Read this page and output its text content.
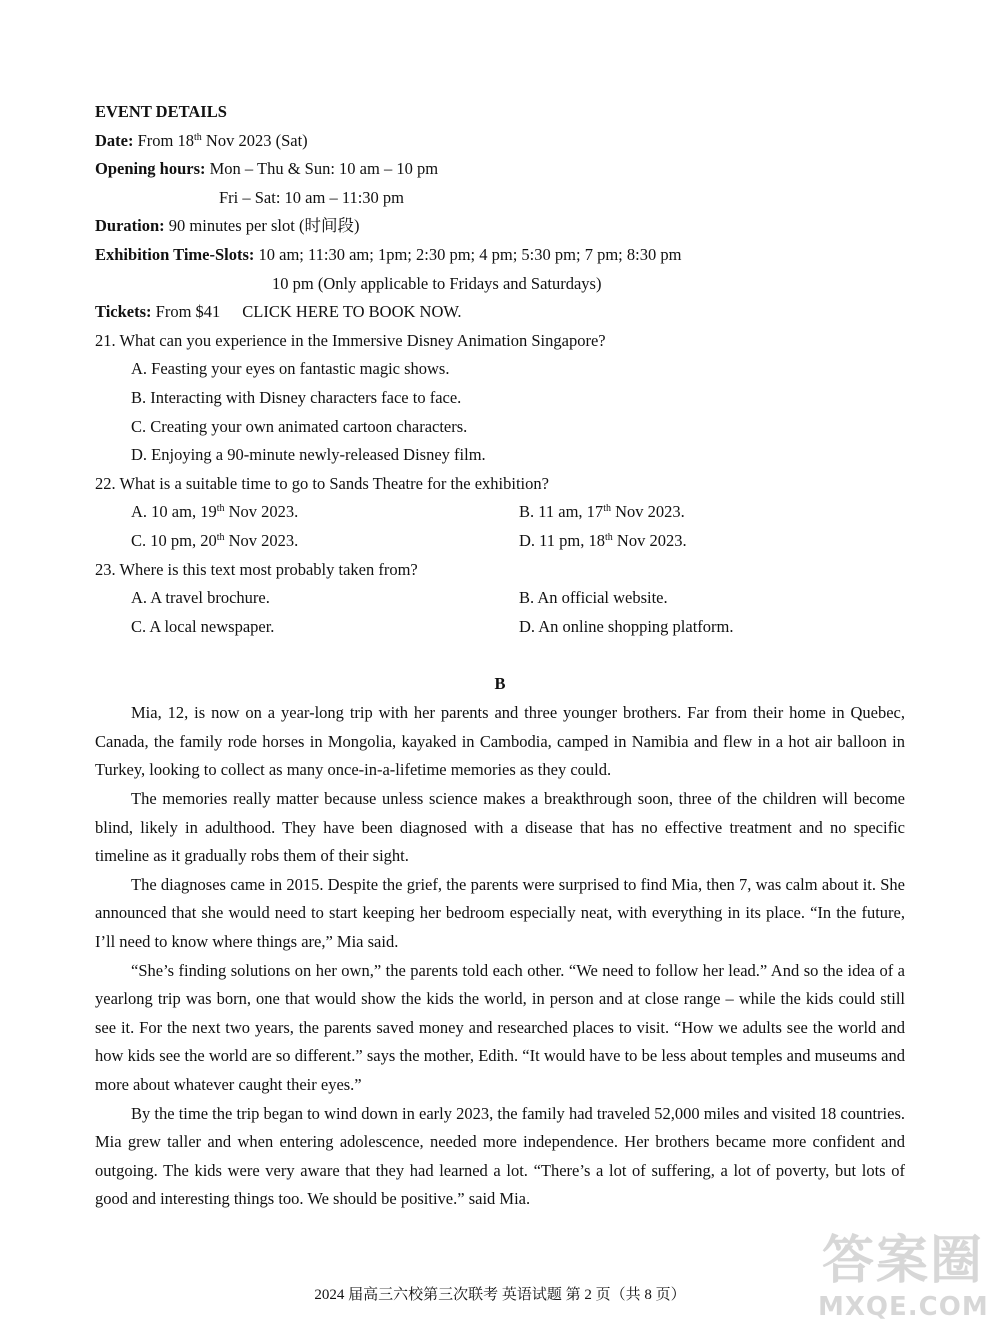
EVENT DETAILS
Date: From 18th Nov 2023 (Sat)
Opening hours: Mon – Thu & Sun: 10 am – 10 pm
Fri – Sat: 10 am – 11:30 pm
Duration: 90 minutes per slot (时间段)
Exhibition Time-Slots: 10 am; 11:30 am; 1pm; 2:30 pm; 4 pm; 5:30 pm; 7 pm; 8:30 pm
10 pm (Only applicable to Fridays and Saturdays)
Tickets: From $41 CLICK HERE TO BOOK NOW.
21. What can you experience in the Immersive Disney Animation Singapore?
A. Feasting your eyes on fantastic magic shows.
B. Interacting with Disney characters face to face.
C. Creating your own animated cartoon characters.
D. Enjoying a 90-minute newly-released Disney film.
22. What is a suitable time to go to Sands Theatre for the exhibition?
A. 10 am, 19th Nov 2023.	B. 11 am, 17th Nov 2023.
C. 10 pm, 20th Nov 2023.	D. 11 pm, 18th Nov 2023.
23. Where is this text most probably taken from?
A. A travel brochure.	B. An official website.
C. A local newspaper.	D. An online shopping platform.
B

Mia, 12, is now on a year-long trip with her parents and three younger brothers. Far from their home in Quebec, Canada, the family rode horses in Mongolia, kayaked in Cambodia, camped in Namibia and flew in a hot air balloon in Turkey, looking to collect as many once-in-a-lifetime memories as they could.

The memories really matter because unless science makes a breakthrough soon, three of the children will become blind, likely in adulthood. They have been diagnosed with a disease that has no effective treatment and no specific timeline as it gradually robs them of their sight.

The diagnoses came in 2015. Despite the grief, the parents were surprised to find Mia, then 7, was calm about it. She announced that she would need to start keeping her bedroom especially neat, with everything in its place. “In the future, I’ll need to know where things are,” Mia said.

“She’s finding solutions on her own,” the parents told each other. “We need to follow her lead.” And so the idea of a yearlong trip was born, one that would show the kids the world, in person and at close range – while the kids could still see it. For the next two years, the parents saved money and researched places to visit. “How we adults see the world and how kids see the world are so different.” says the mother, Edith. “It would have to be less about temples and museums and more about whatever caught their eyes.”

By the time the trip began to wind down in early 2023, the family had traveled 52,000 miles and visited 18 countries. Mia grew taller and when entering adolescence, needed more independence. Her brothers became more confident and outgoing. The kids were very aware that they had learned a lot. “There’s a lot of suffering, a lot of poverty, but lots of good and interesting things too. We should be positive.” said Mia.

答案圈
MXQE.COM
2024 届高三六校第三次联考 英语试题 第 2 页（共 8 页）
